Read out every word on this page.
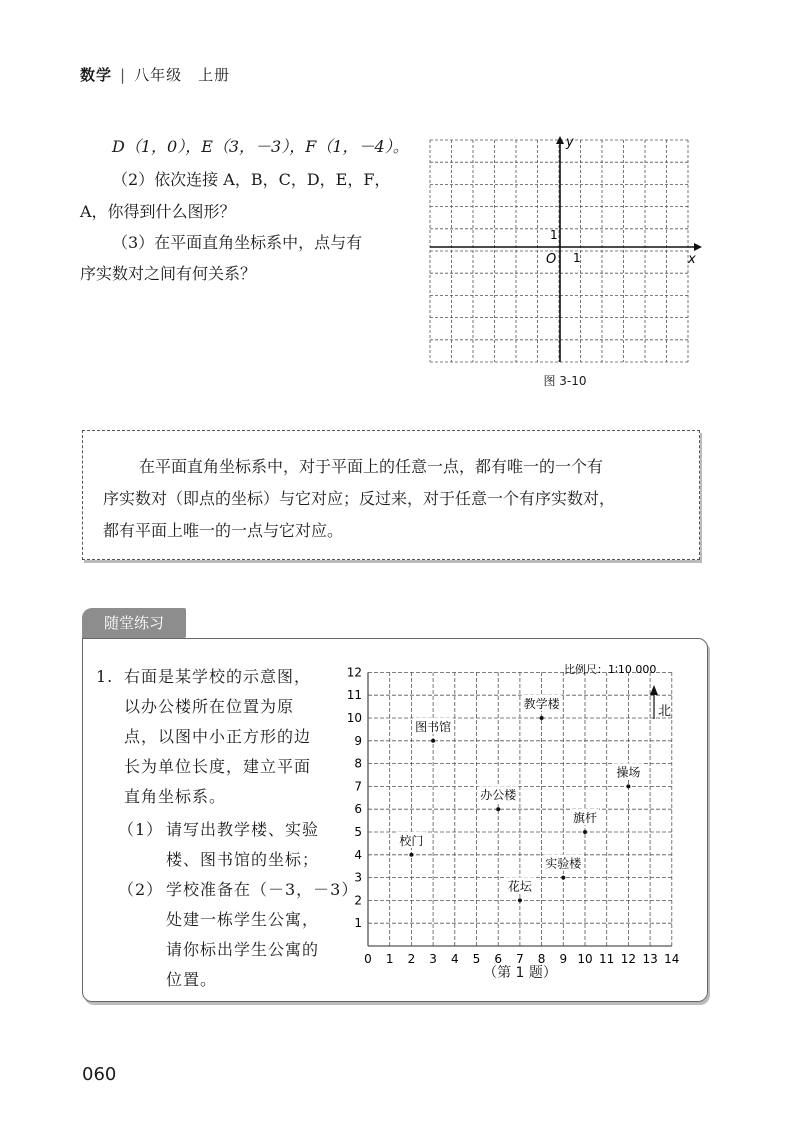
数学 | 八年级　上册
D（1，0），E（3，－3），F（1，－4）。
（2）依次连接 A，B，C，D，E，F，
A，你得到什么图形？
（3）在平面直角坐标系中，点与有
序实数对之间有何关系？
y
x
O 1
1
图 3-10

在平面直角坐标系中，对于平面上的任意一点，都有唯一的一个有

序实数对（即点的坐标）与它对应；反过来，对于任意一个有序实数对，

都有平面上唯一的一点与它对应。

随堂练习
1. 右面是某学校的示意图，
以办公楼所在位置为原
点，以图中小正方形的边
长为单位长度，建立平面
直角坐标系。
（1） 请写出教学楼、实验
楼、图书馆的坐标；
（2） 学校准备在（－3，－3）
处建一栋学生公寓，
请你标出学生公寓的
位置。
0 1 2 3 4 5 6 7 8 9 10 11 12 13 14
1
2
3
4
5
6
7
8
9
10
11
12
图书馆
教学楼
办公楼
操场
校门
旗杆
实验楼
花坛
比例尺：1∶10 000
北
（第 1 题）
060
